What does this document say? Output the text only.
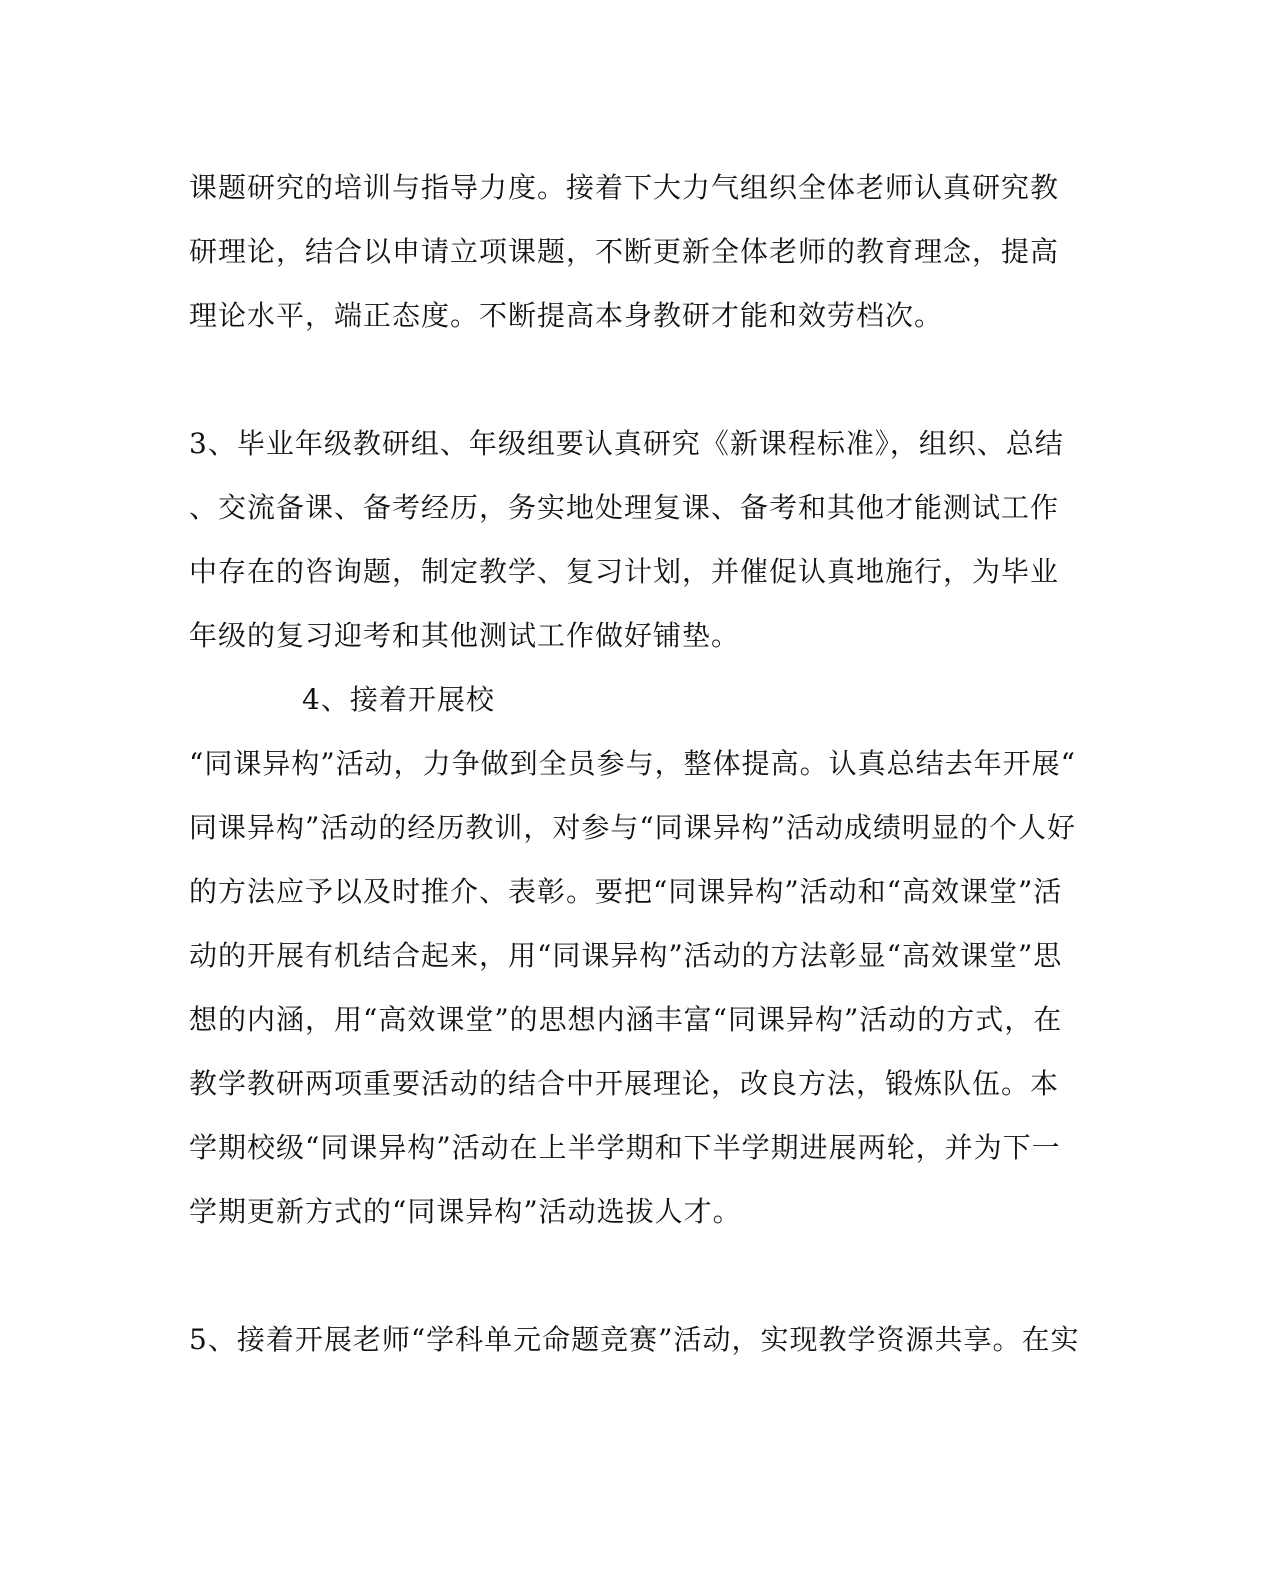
课题研究的培训与指导力度。接着下大力气组织全体老师认真研究教
研理论，结合以申请立项课题，不断更新全体老师的教育理念，提高
理论水平，端正态度。不断提高本身教研才能和效劳档次。
3、毕业年级教研组、年级组要认真研究《新课程标准》，组织、总结
、交流备课、备考经历，务实地处理复课、备考和其他才能测试工作
中存在的咨询题，制定教学、复习计划，并催促认真地施行，为毕业
年级的复习迎考和其他测试工作做好铺垫。
4、接着开展校
“同课异构”活动，力争做到全员参与，整体提高。认真总结去年开展“
同课异构”活动的经历教训，对参与“同课异构”活动成绩明显的个人好
的方法应予以及时推介、表彰。要把“同课异构”活动和“高效课堂”活
动的开展有机结合起来，用“同课异构”活动的方法彰显“高效课堂”思
想的内涵，用“高效课堂”的思想内涵丰富“同课异构”活动的方式，在
教学教研两项重要活动的结合中开展理论，改良方法，锻炼队伍。本
学期校级“同课异构”活动在上半学期和下半学期进展两轮，并为下一
学期更新方式的“同课异构”活动选拔人才。
5、接着开展老师“学科单元命题竞赛”活动，实现教学资源共享。在实
